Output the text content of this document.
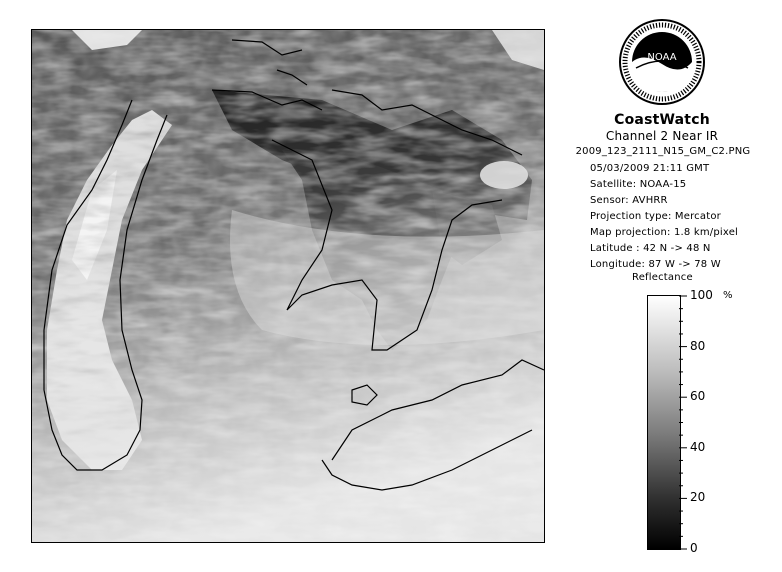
NOAA
CoastWatch
Channel 2 Near IR
2009_123_2111_N15_GM_C2.PNG
05/03/2009 21:11 GMT
Satellite: NOAA-15
Sensor: AVHRR
Projection type: Mercator
Map projection: 1.8 km/pixel
Latitude : 42 N -> 48 N
Longitude: 87 W -> 78 W
Reflectance
%
100
80
60
40
20
0
